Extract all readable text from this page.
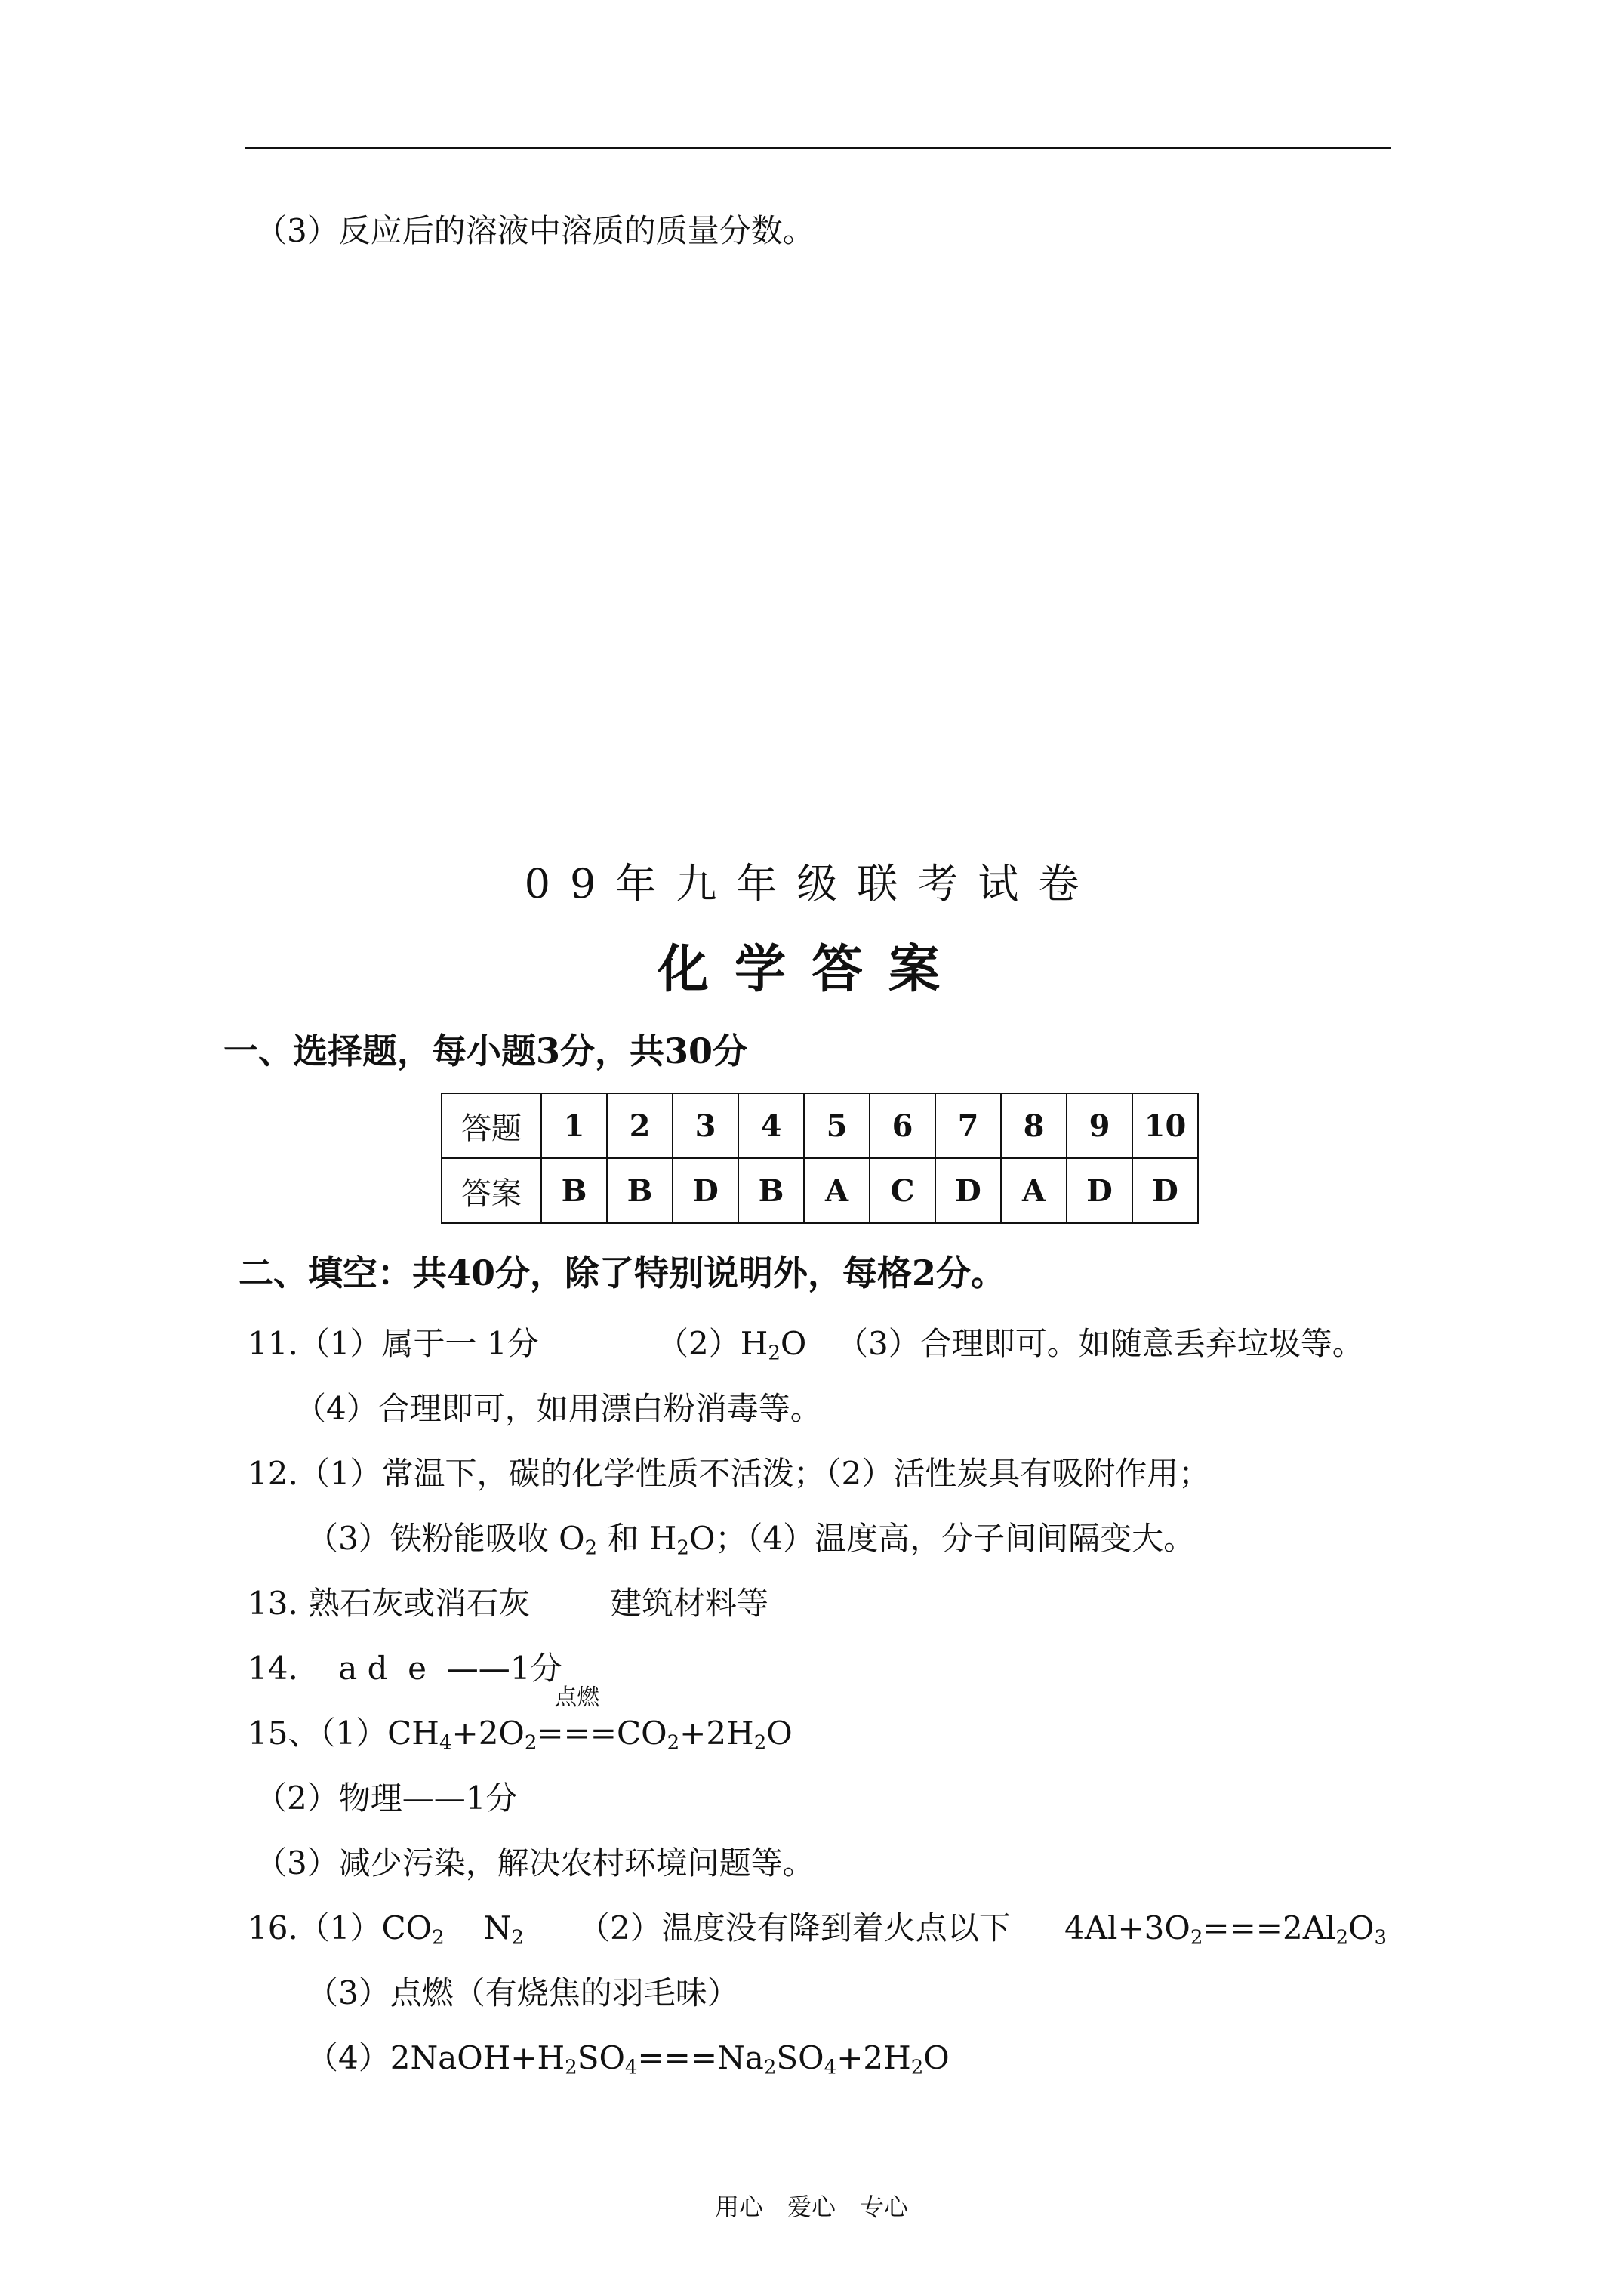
（3）反应后的溶液中溶质的质量分数。
09年九年级联考试卷
化学答案
一、选择题，每小题3分，共30分
答题	1	2	3	4	5	6	7	8	9	10
答案	B	B	D	B	A	C	D	A	D	D
二、填空：共40分，除了特别说明外，每格2分。
11.（1）属于一 1分	$(2)H_2O$ （3）合理即可。如随意丢弃垃圾等。
（4）合理即可，如用漂白粉消毒等。
12.（1）常温下，碳的化学性质不活泼；（2）活性炭具有吸附作用；
（3）铁粉能吸收 $O_2$ 和 $H_2O$；（4）温度高，分子间间隔变大。
13. 熟石灰或消石灰	建筑材料等
14.    a d  e  ——1分
15、$(1)CH_4+2O_2$
点燃
$===CO_2+2H_2O$
（2）物理——1分
（3）减少污染，解决农村环境问题等。
$16.(1)CO_2$ $N_2$ （2）温度没有降到着火点以下 $4Al+3O_2===2Al_2O_3$
（3）点燃（有烧焦的羽毛味）
$(4)2NaOH+H_2SO_4===Na_2SO_4+2H_2O$
用心　爱心　专心
